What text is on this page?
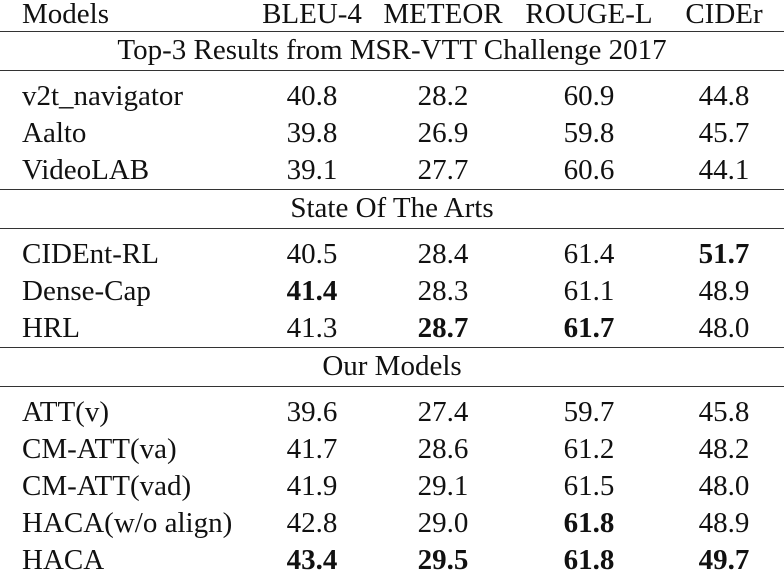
Models	BLEU-4	METEOR	ROUGE-L	CIDEr
Top-3 Results from MSR-VTT Challenge 2017				
v2t_navigator	40.8	28.2	60.9	44.8
Aalto	39.8	26.9	59.8	45.7
VideoLAB	39.1	27.7	60.6	44.1
State Of The Arts				
CIDEnt-RL	40.5	28.4	61.4	51.7
Dense-Cap	41.4	28.3	61.1	48.9
HRL	41.3	28.7	61.7	48.0
Our Models				
ATT(v)	39.6	27.4	59.7	45.8
CM-ATT(va)	41.7	28.6	61.2	48.2
CM-ATT(vad)	41.9	29.1	61.5	48.0
HACA(w/o align)	42.8	29.0	61.8	48.9
HACA	43.4	29.5	61.8	49.7
